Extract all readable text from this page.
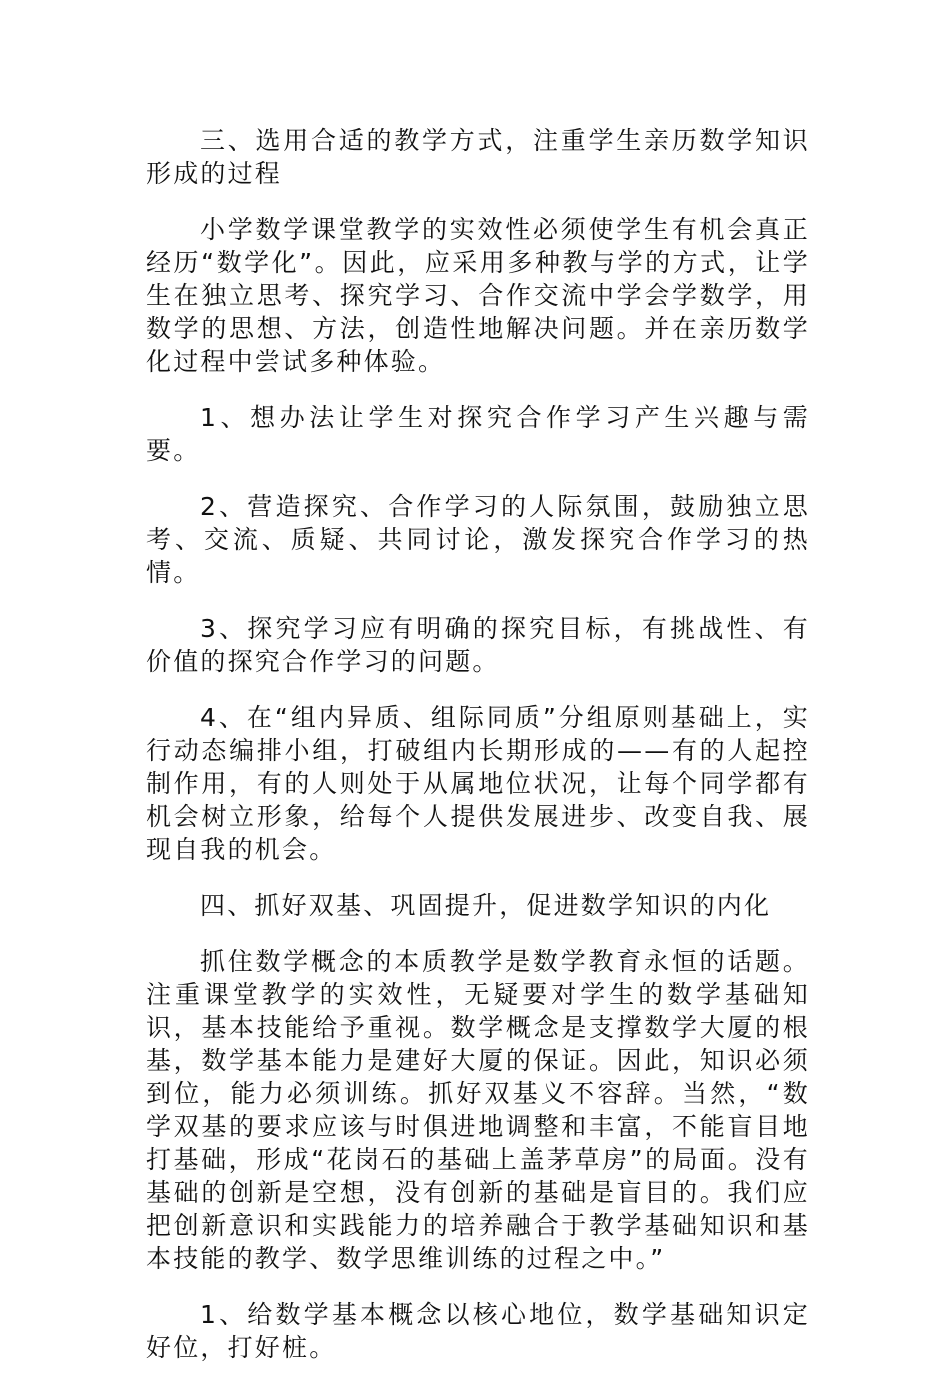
三、选用合适的教学方式，注重学生亲历数学知识形成的过程

小学数学课堂教学的实效性必须使学生有机会真正经历“数学化”。因此，应采用多种教与学的方式，让学生在独立思考、探究学习、合作交流中学会学数学，用数学的思想、方法，创造性地解决问题。并在亲历数学化过程中尝试多种体验。

1、想办法让学生对探究合作学习产生兴趣与需要。

2、营造探究、合作学习的人际氛围，鼓励独立思考、交流、质疑、共同讨论，激发探究合作学习的热情。

3、探究学习应有明确的探究目标，有挑战性、有价值的探究合作学习的问题。

4、在“组内异质、组际同质”分组原则基础上，实行动态编排小组，打破组内长期形成的——有的人起控制作用，有的人则处于从属地位状况，让每个同学都有机会树立形象，给每个人提供发展进步、改变自我、展现自我的机会。

四、抓好双基、巩固提升，促进数学知识的内化

抓住数学概念的本质教学是数学教育永恒的话题。注重课堂教学的实效性，无疑要对学生的数学基础知识，基本技能给予重视。数学概念是支撑数学大厦的根基，数学基本能力是建好大厦的保证。因此，知识必须到位，能力必须训练。抓好双基义不容辞。当然，“数学双基的要求应该与时俱进地调整和丰富，不能盲目地打基础，形成“花岗石的基础上盖茅草房”的局面。没有基础的创新是空想，没有创新的基础是盲目的。我们应把创新意识和实践能力的培养融合于教学基础知识和基本技能的教学、数学思维训练的过程之中。”

1、给数学基本概念以核心地位，数学基础知识定好位，打好桩。
